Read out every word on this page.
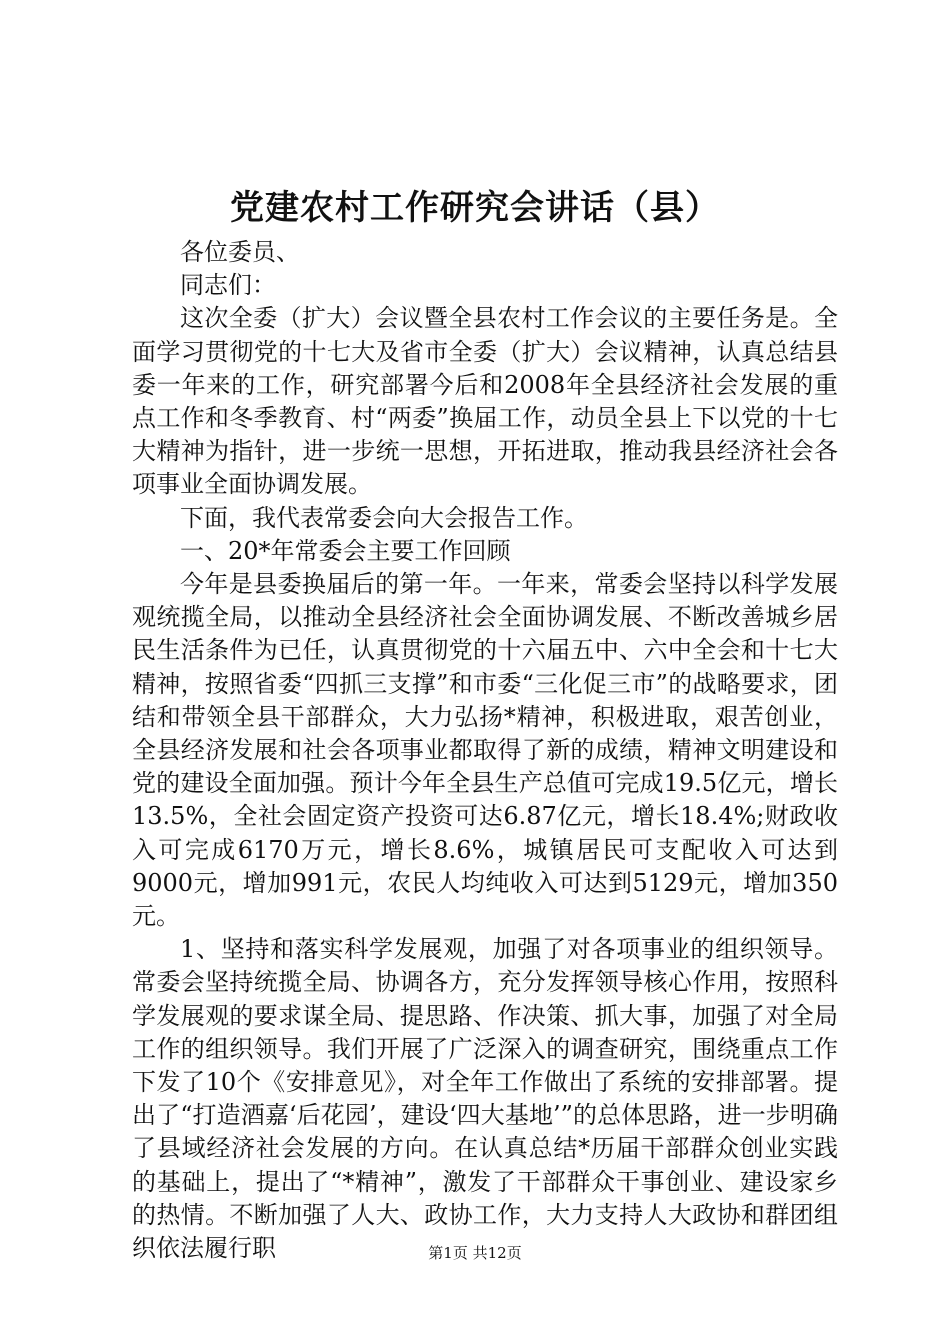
党建农村工作研究会讲话（县）

各位委员、

同志们：

这次全委（扩大）会议暨全县农村工作会议的主要任务是。全面学习贯彻党的十七大及省市全委（扩大）会议精神，认真总结县委一年来的工作，研究部署今后和2008年全县经济社会发展的重点工作和冬季教育、村“两委”换届工作，动员全县上下以党的十七大精神为指针，进一步统一思想，开拓进取，推动我县经济社会各项事业全面协调发展。

下面，我代表常委会向大会报告工作。

一、20*年常委会主要工作回顾

今年是县委换届后的第一年。一年来，常委会坚持以科学发展观统揽全局，以推动全县经济社会全面协调发展、不断改善城乡居民生活条件为已任，认真贯彻党的十六届五中、六中全会和十七大精神，按照省委“四抓三支撑”和市委“三化促三市”的战略要求，团结和带领全县干部群众，大力弘扬*精神，积极进取，艰苦创业，全县经济发展和社会各项事业都取得了新的成绩，精神文明建设和党的建设全面加强。预计今年全县生产总值可完成19.5亿元，增长13.5%，全社会固定资产投资可达6.87亿元，增长18.4%;财政收入可完成6170万元，增长8.6%，城镇居民可支配收入可达到9000元，增加991元，农民人均纯收入可达到5129元，增加350元。

1、坚持和落实科学发展观，加强了对各项事业的组织领导。常委会坚持统揽全局、协调各方，充分发挥领导核心作用，按照科学发展观的要求谋全局、提思路、作决策、抓大事，加强了对全局工作的组织领导。我们开展了广泛深入的调查研究，围绕重点工作下发了10个《安排意见》，对全年工作做出了系统的安排部署。提出了“打造酒嘉‘后花园’，建设‘四大基地’”的总体思路，进一步明确了县域经济社会发展的方向。在认真总结*历届干部群众创业实践的基础上，提出了“*精神”，激发了干部群众干事创业、建设家乡的热情。不断加强了人大、政协工作，大力支持人大政协和群团组织依法履行职	第1页 共12页
